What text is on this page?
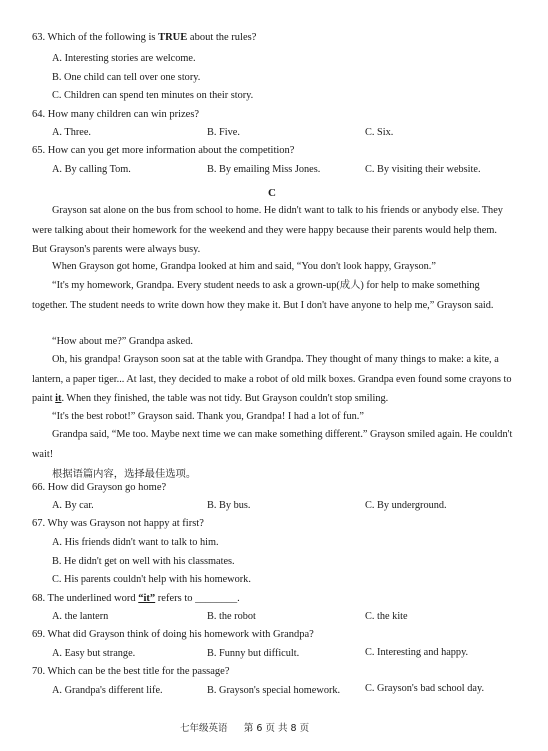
63. Which of the following is TRUE about the rules?
A. Interesting stories are welcome.
B. One child can tell over one story.
C. Children can spend ten minutes on their story.
64. How many children can win prizes?
A. Three.	B. Five.	C. Six.
65. How can you get more information about the competition?
A. By calling Tom.	B. By emailing Miss Jones.	C. By visiting their website.
C
Grayson sat alone on the bus from school to home. He didn't want to talk to his friends or anybody else. They were talking about their homework for the weekend and they were happy because their parents would help them. But Grayson's parents were always busy.
When Grayson got home, Grandpa looked at him and said, “You don't look happy, Grayson.”
“It's my homework, Grandpa. Every student needs to ask a grown-up(成人) for help to make something together. The student needs to write down how they make it. But I don't have anyone to help me,” Grayson said.
“How about me?” Grandpa asked.
Oh, his grandpa! Grayson soon sat at the table with Grandpa. They thought of many things to make: a kite, a lantern, a paper tiger... At last, they decided to make a robot of old milk boxes. Grandpa even found some crayons to paint it. When they finished, the table was not tidy. But Grayson couldn't stop smiling.
“It's the best robot!” Grayson said. Thank you, Grandpa! I had a lot of fun.”
Grandpa said, “Me too. Maybe next time we can make something different.” Grayson smiled again. He couldn't wait!
根据语篇内容，选择最佳选项。
66. How did Grayson go home?
A. By car.	B. By bus.	C. By underground.
67. Why was Grayson not happy at first?
A. His friends didn't want to talk to him.
B. He didn't get on well with his classmates.
C. His parents couldn't help with his homework.
68. The underlined word “it” refers to ________.
A. the lantern	B. the robot	C. the kite
69. What did Grayson think of doing his homework with Grandpa?
A. Easy but strange.	B. Funny but difficult.	C. Interesting and happy.
70. Which can be the best title for the passage?
A. Grandpa's different life.	B. Grayson's special homework. C. Grayson's bad school day.
七年级英语 第 6 页 共 8 页
